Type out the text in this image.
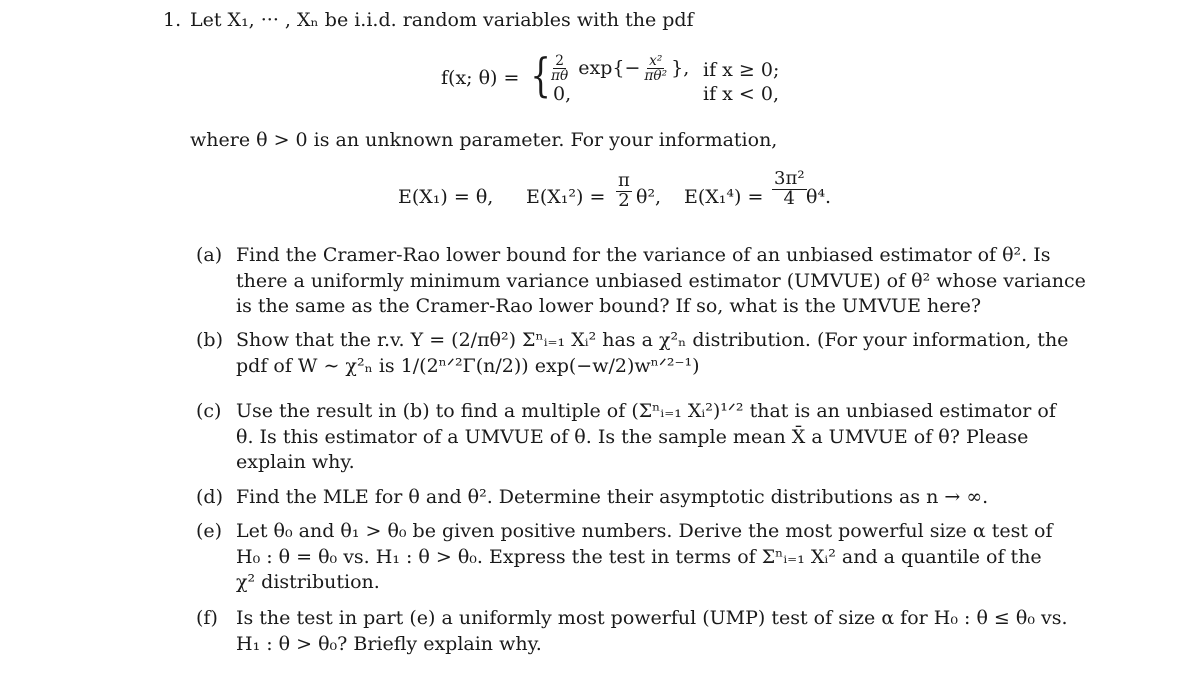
1. Let X₁, ··· , Xₙ be i.i.d. random variables with the pdf
f(x; θ) = {
$\frac{2}{\pi\theta} \exp\{- \frac{\text{x²}}{\text{πθ²}}$ }, if x ≥ 0;
0,	if x < 0,
where θ > 0 is an unknown parameter. For your information,
E(X₁) = θ, $E(X_1^2) = \frac{\pi}{2} \theta^2$, $E(X_1^4) = \frac{\text{3π²}}{4} \theta^4$.
(a) Find the Cramer-Rao lower bound for the variance of an unbiased estimator of θ². Is
there a uniformly minimum variance unbiased estimator (UMVUE) of θ² whose variance
is the same as the Cramer-Rao lower bound? If so, what is the UMVUE here?
(b) Show that the r.v. Y = (2/πθ²) Σⁿᵢ₌₁ Xᵢ² has a χ²ₙ distribution. (For your information, the
pdf of W ∼ χ²ₙ is 1/(2ⁿᐟ²Γ(n/2)) exp(−w/2)wⁿᐟ²⁻¹)
(c) Use the result in (b) to find a multiple of (Σⁿᵢ₌₁ Xᵢ²)¹ᐟ² that is an unbiased estimator of
θ. Is this estimator of a UMVUE of θ. Is the sample mean X̄ a UMVUE of θ? Please
explain why.
(d) Find the MLE for θ and θ². Determine their asymptotic distributions as n → ∞.
(e) Let θ₀ and θ₁ > θ₀ be given positive numbers. Derive the most powerful size α test of
H₀ : θ = θ₀ vs. H₁ : θ > θ₀. Express the test in terms of Σⁿᵢ₌₁ Xᵢ² and a quantile of the
χ² distribution.
(f) Is the test in part (e) a uniformly most powerful (UMP) test of size α for H₀ : θ ≤ θ₀ vs.
H₁ : θ > θ₀? Briefly explain why.
